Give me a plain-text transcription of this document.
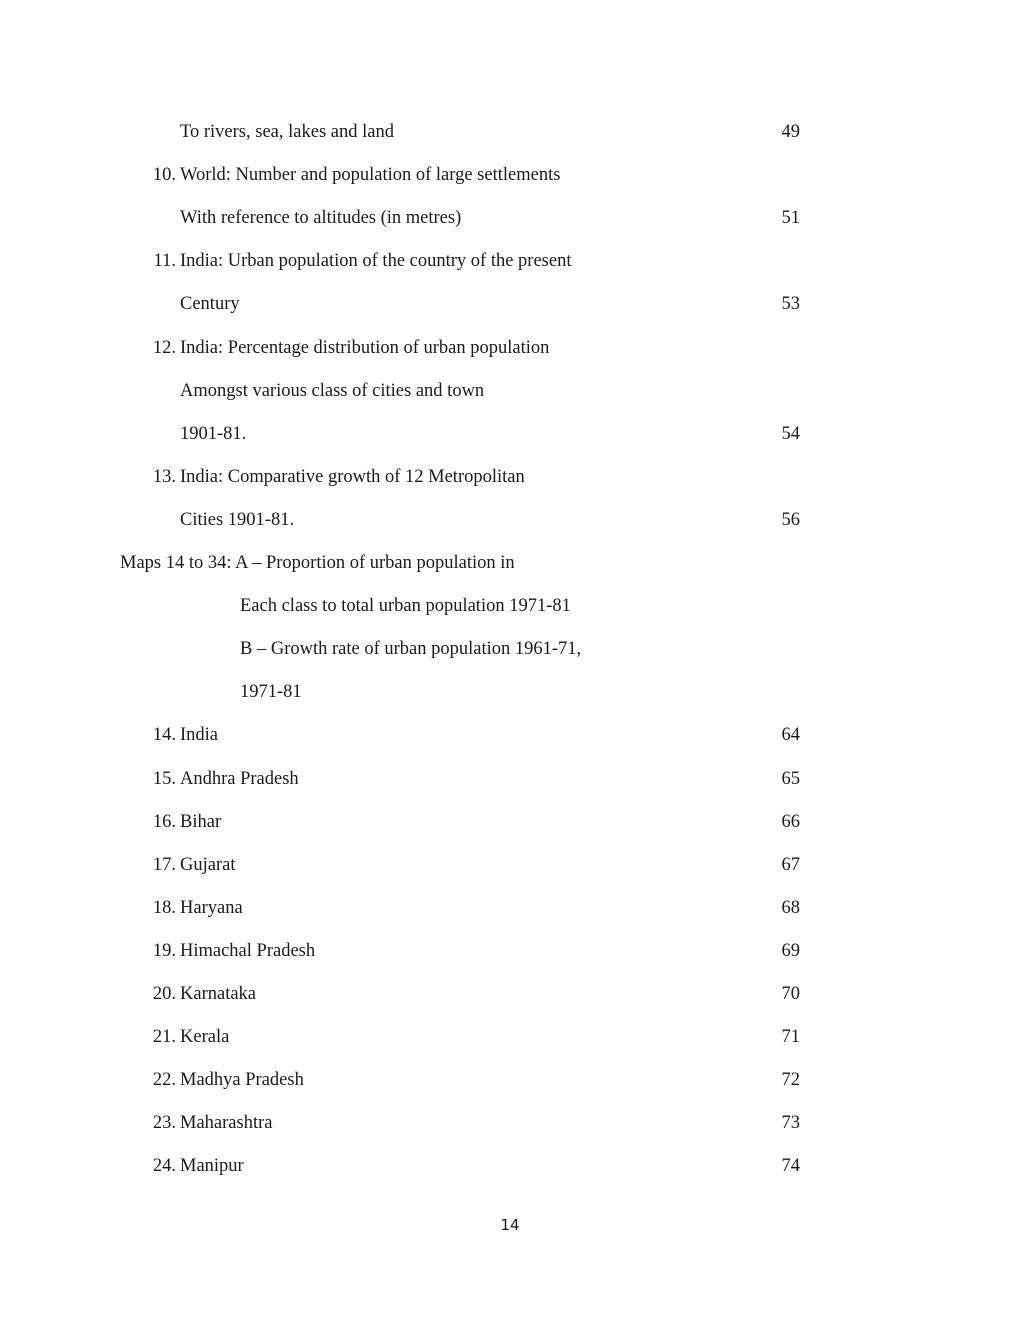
To rivers, sea, lakes and land	49
10. World: Number and population of large settlements
With reference to altitudes (in metres)	51
11. India: Urban population of the country of the present
Century	53
12. India: Percentage distribution of urban population
Amongst various class of cities and town
1901-81.	54
13. India: Comparative growth of 12 Metropolitan
Cities 1901-81.	56
Maps 14 to 34: A – Proportion of urban population in
Each class to total urban population 1971-81
B – Growth rate of urban population 1961-71,
1971-81
14. India	64
15. Andhra Pradesh	65
16. Bihar	66
17. Gujarat	67
18. Haryana	68
19. Himachal Pradesh	69
20. Karnataka	70
21. Kerala	71
22. Madhya Pradesh	72
23. Maharashtra	73
24. Manipur	74
14
